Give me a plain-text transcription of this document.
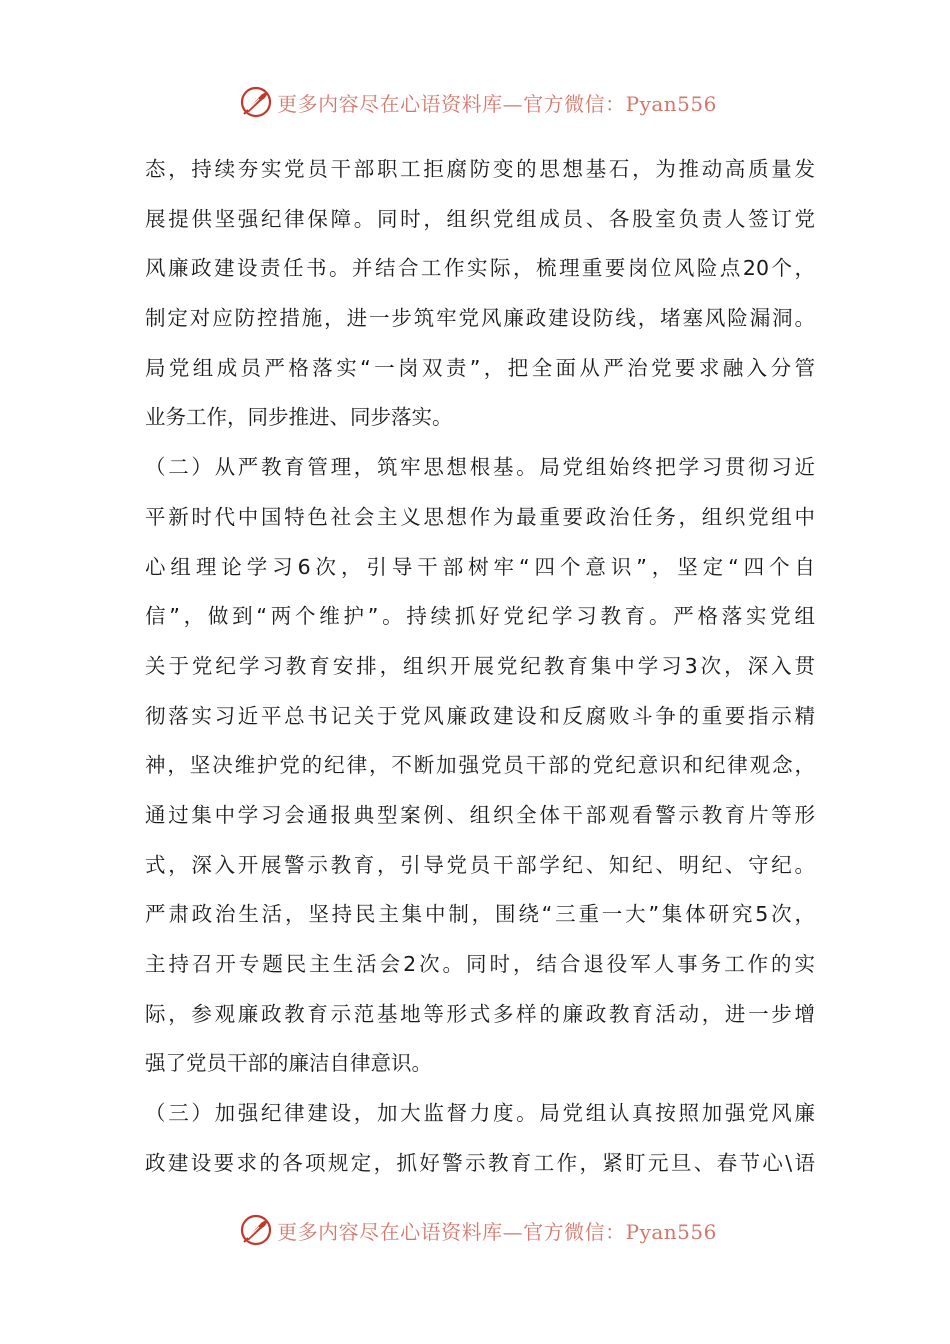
更多内容尽在心语资料库—官方微信：Pyan556
态，持续夯实党员干部职工拒腐防变的思想基石，为推动高质量发
展提供坚强纪律保障。同时，组织党组成员、各股室负责人签订党
风廉政建设责任书。并结合工作实际，梳理重要岗位风险点20个，
制定对应防控措施，进一步筑牢党风廉政建设防线，堵塞风险漏洞。
局党组成员严格落实“一岗双责”，把全面从严治党要求融入分管
业务工作，同步推进、同步落实。
（二）从严教育管理，筑牢思想根基。局党组始终把学习贯彻习近
平新时代中国特色社会主义思想作为最重要政治任务，组织党组中
心组理论学习6次，引导干部树牢“四个意识”，坚定“四个自
信”，做到“两个维护”。持续抓好党纪学习教育。严格落实党组
关于党纪学习教育安排，组织开展党纪教育集中学习3次，深入贯
彻落实习近平总书记关于党风廉政建设和反腐败斗争的重要指示精
神，坚决维护党的纪律，不断加强党员干部的党纪意识和纪律观念，
通过集中学习会通报典型案例、组织全体干部观看警示教育片等形
式，深入开展警示教育，引导党员干部学纪、知纪、明纪、守纪。
严肃政治生活，坚持民主集中制，围绕“三重一大”集体研究5次，
主持召开专题民主生活会2次。同时，结合退役军人事务工作的实
际，参观廉政教育示范基地等形式多样的廉政教育活动，进一步增
强了党员干部的廉洁自律意识。
（三）加强纪律建设，加大监督力度。局党组认真按照加强党风廉
政建设要求的各项规定，抓好警示教育工作，紧盯元旦、春节心\语
更多内容尽在心语资料库—官方微信：Pyan556
